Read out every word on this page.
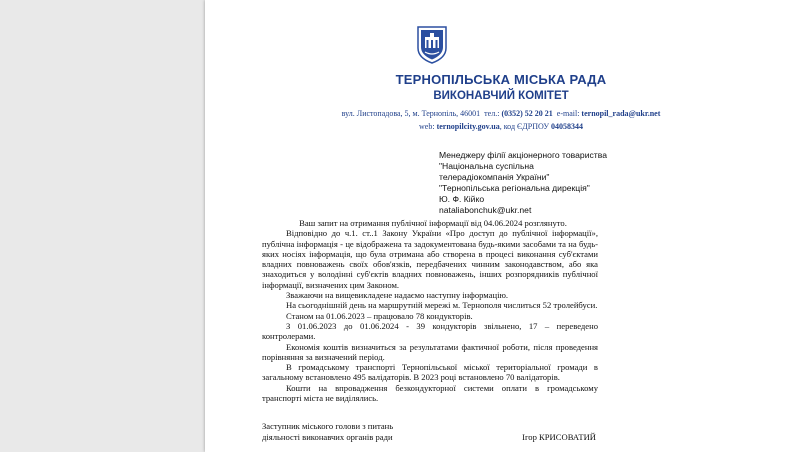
ТЕРНОПІЛЬСЬКА МІСЬКА РАДА
ВИКОНАВЧИЙ КОМІТЕТ
вул. Листопадова, 5, м. Тернопіль, 46001 тел.: (0352) 52 20 21 e-mail: ternopil_rada@ukr.net
web: ternopilcity.gov.ua, код ЄДРПОУ 04058344
Менеджеру філії акціонерного товариства
"Національна суспільна
телерадіокомпанія України"
"Тернопільська регіональна дирекція"
Ю. Ф. Кійко
nataliabonchuk@ukr.net

Ваш запит на отримання публічної інформації від 04.06.2024 розглянуто.

Відповідно до ч.1. ст..1 Закону України «Про доступ до публічної інформації», публічна інформація - це відображена та задокументована будь-якими засобами та на будь-яких носіях інформація, що була отримана або створена в процесі виконання суб'єктами владних повноважень своїх обов'язків, передбачених чинним законодавством, або яка знаходиться у володінні суб'єктів владних повноважень, інших розпорядників публічної інформації, визначених цим Законом.

Зважаючи на вищевикладене надаємо наступну інформацію.

На сьогоднішній день на маршрутній мережі м. Тернополя числиться 52 тролейбуси.

Станом на 01.06.2023 – працювало 78 кондукторів.

З 01.06.2023 до 01.06.2024 - 39 кондукторів звільнено, 17 – переведено контролерами.

Економія коштів визначиться за результатами фактичної роботи, після проведення порівняння за визначений період.

В громадському транспорті Тернопільської міської територіальної громади в загальному встановлено 495 валідаторів. В 2023 році встановлено 70 валідаторів.

Кошти на впровадження безкондукторної системи оплати в громадському транспорті міста не виділялись.

Заступник міського голови з питань
діяльності виконавчих органів ради	Ігор КРИСОВАТИЙ
